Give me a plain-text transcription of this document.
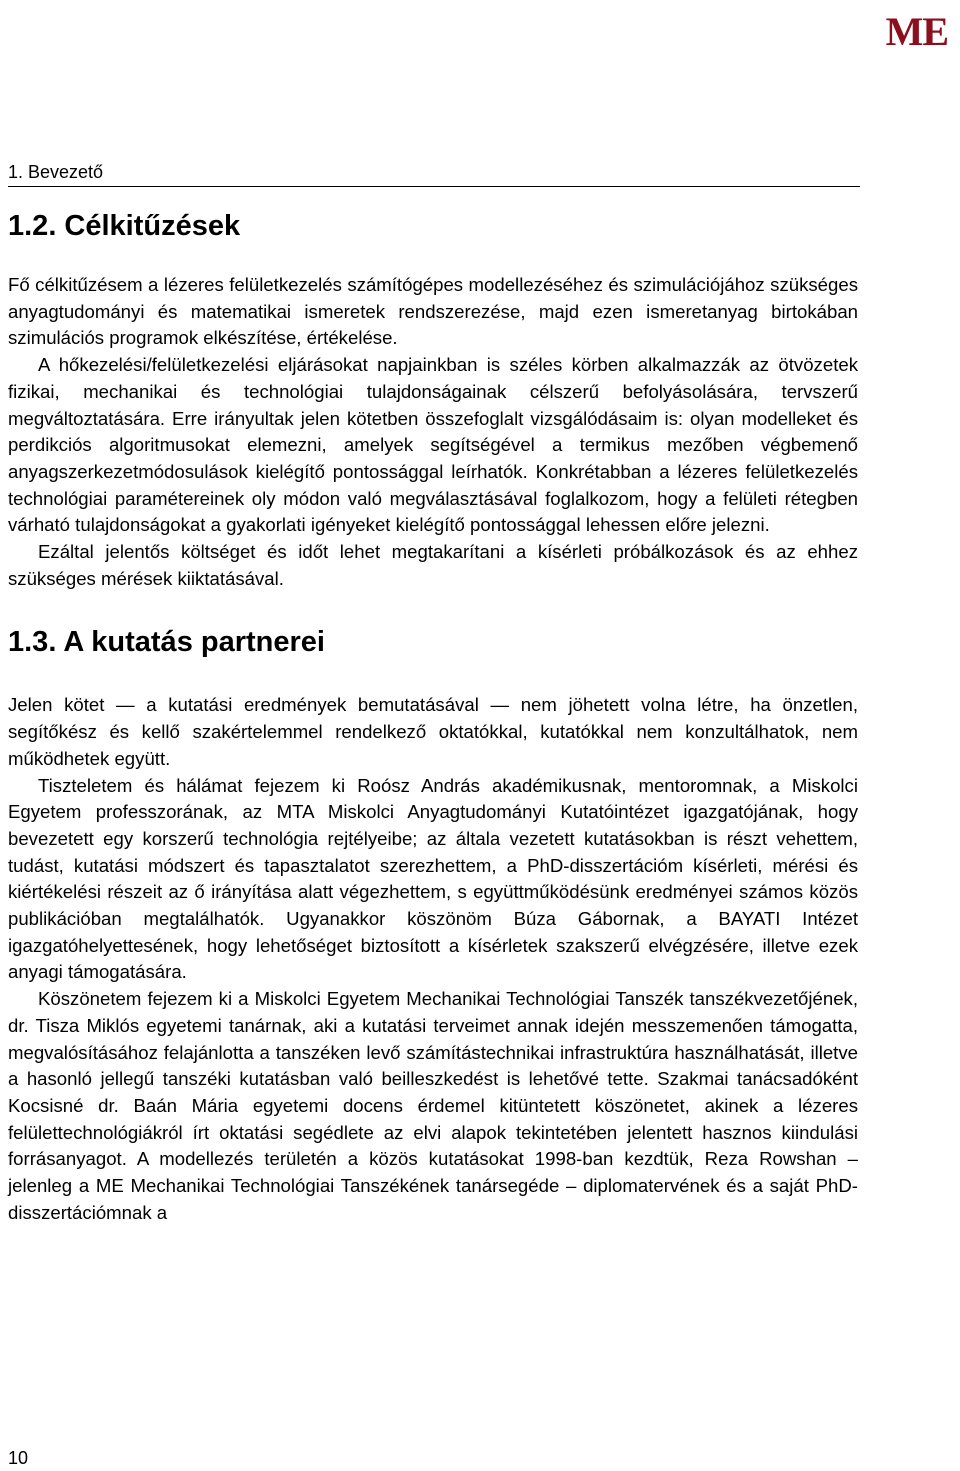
ME
1. Bevezető
1.2. Célkitűzések

Fő célkitűzésem a lézeres felületkezelés számítógépes modellezéséhez és szimulációjához szükséges anyagtudományi és matematikai ismeretek rendszerezése, majd ezen ismeretanyag birtokában szimulációs programok elkészítése, értékelése.

A hőkezelési/felületkezelési eljárásokat napjainkban is széles körben alkalmazzák az ötvözetek fizikai, mechanikai és technológiai tulajdonságainak célszerű befolyásolására, tervszerű megváltoztatására. Erre irányultak jelen kötetben összefoglalt vizsgálódásaim is: olyan modelleket és perdikciós algoritmusokat elemezni, amelyek segítségével a termikus mezőben végbemenő anyagszerkezetmódosulások kielégítő pontossággal leírhatók. Konkrétabban a lézeres felületkezelés technológiai paramétereinek oly módon való megválasztásával foglalkozom, hogy a felületi rétegben várható tulajdonságokat a gyakorlati igényeket kielégítő pontossággal lehessen előre jelezni.

Ezáltal jelentős költséget és időt lehet megtakarítani a kísérleti próbálkozások és az ehhez szükséges mérések kiiktatásával.

1.3. A kutatás partnerei

Jelen kötet — a kutatási eredmények bemutatásával — nem jöhetett volna létre, ha önzetlen, segítőkész és kellő szakértelemmel rendelkező oktatókkal, kutatókkal nem konzultálhatok, nem működhetek együtt.

Tiszteletem és hálámat fejezem ki Roósz András akadémikusnak, mentoromnak, a Miskolci Egyetem professzorának, az MTA Miskolci Anyagtudományi Kutatóintézet igazgatójának, hogy bevezetett egy korszerű technológia rejtélyeibe; az általa vezetett kutatásokban is részt vehettem, tudást, kutatási módszert és tapasztalatot szerezhettem, a PhD-disszertációm kísérleti, mérési és kiértékelési részeit az ő irányítása alatt végezhettem, s együttműködésünk eredményei számos közös publikációban megtalálhatók. Ugyanakkor köszönöm Búza Gábornak, a BAYATI Intézet igazgatóhelyettesének, hogy lehetőséget biztosított a kísérletek szakszerű elvégzésére, illetve ezek anyagi támogatására.

Köszönetem fejezem ki a Miskolci Egyetem Mechanikai Technológiai Tanszék tanszékvezetőjének, dr. Tisza Miklós egyetemi tanárnak, aki a kutatási terveimet annak idején messzemenően támogatta, megvalósításához felajánlotta a tanszéken levő számítástechnikai infrastruktúra használhatását, illetve a hasonló jellegű tanszéki kutatásban való beilleszkedést is lehetővé tette. Szakmai tanácsadóként Kocsisné dr. Baán Mária egyetemi docens érdemel kitüntetett köszönetet, akinek a lézeres felülettechnológiákról írt oktatási segédlete az elvi alapok tekintetében jelentett hasznos kiindulási forrásanyagot. A modellezés területén a közös kutatásokat 1998-ban kezdtük, Reza Rowshan – jelenleg a ME Mechanikai Technológiai Tanszékének tanársegéde – diplomatervének és a saját PhD-disszertációmnak a

10
